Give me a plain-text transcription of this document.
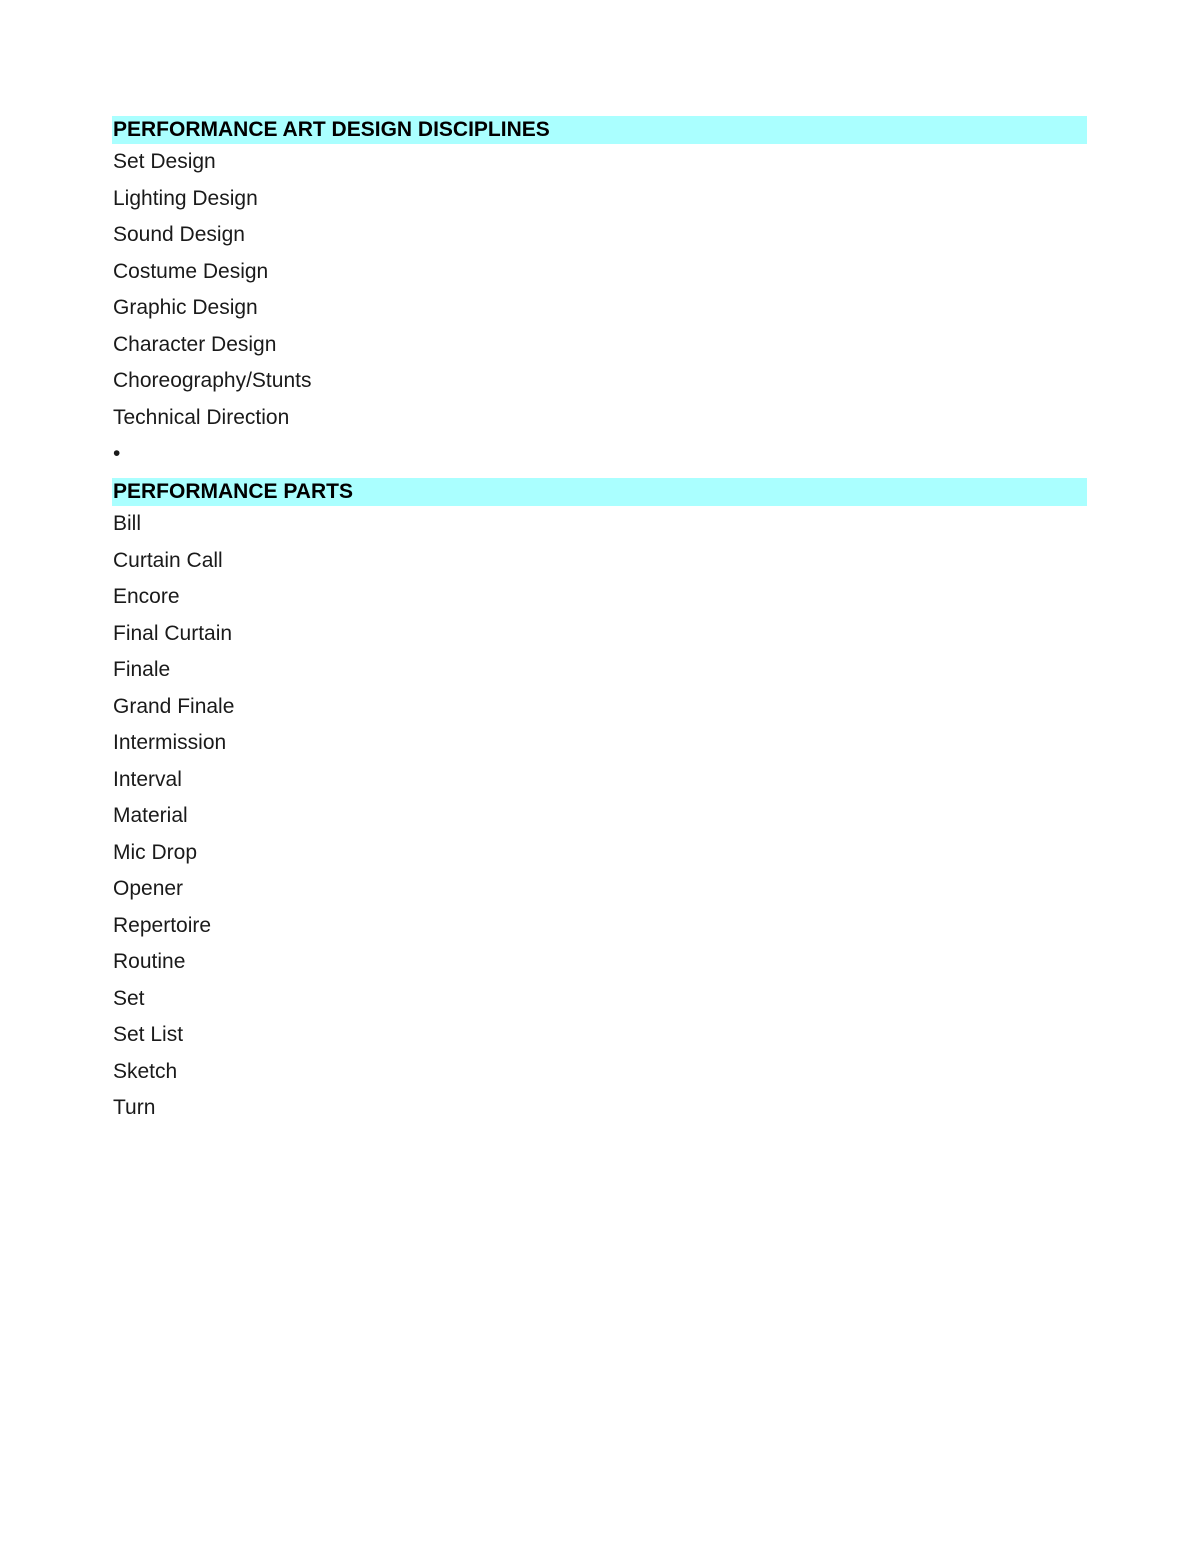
PERFORMANCE ART DESIGN DISCIPLINES
Set Design
Lighting Design
Sound Design
Costume Design
Graphic Design
Character Design
Choreography/Stunts
Technical Direction
•
PERFORMANCE PARTS
Bill
Curtain Call
Encore
Final Curtain
Finale
Grand Finale
Intermission
Interval
Material
Mic Drop
Opener
Repertoire
Routine
Set
Set List
Sketch
Turn
